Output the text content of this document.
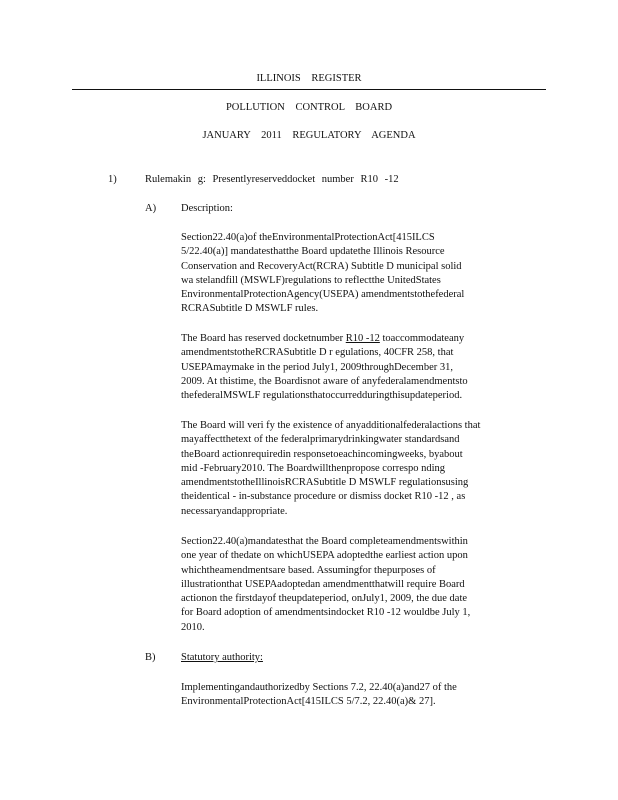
ILLINOIS REGISTER
POLLUTION CONTROL BOARD
JANUARY 2011 REGULATORY AGENDA
1)	Rulemakin g: Presentlyreserveddocket number R10 -12
A) Description:
Section22.40(a)of theEnvironmentalProtectionAct[415ILCS
5/22.40(a)] mandatesthatthe Board updatethe Illinois Resource
Conservation and RecoveryAct(RCRA) Subtitle D municipal solid
wa stelandfill (MSWLF)regulations to reflectthe UnitedStates
EnvironmentalProtectionAgency(USEPA) amendmentstothefederal
RCRASubtitle D MSWLF rules.
The Board has reserved docketnumber R10 -12 toaccommodateany
amendmentstotheRCRASubtitle D r egulations, 40CFR 258, that
USEPAmaymake in the period July1, 2009throughDecember 31,
2009. At thistime, the Boardisnot aware of anyfederalamendmentsto
thefederalMSWLF regulationsthatoccurredduringthisupdateperiod.
The Board will veri fy the existence of anyadditionalfederalactions that
mayaffectthetext of the federalprimarydrinkingwater standardsand
theBoard actionrequiredin responsetoeachincomingweeks, byabout
mid -February2010. The Boardwillthenpropose correspo nding
amendmentstotheIllinoisRCRASubtitle D MSWLF regulationsusing
theidentical - in-substance procedure or dismiss docket R10 -12 , as
necessaryandappropriate.
Section22.40(a)mandatesthat the Board completeamendmentswithin
one year of thedate on whichUSEPA adoptedthe earliest action upon
whichtheamendmentsare based. Assumingfor thepurposes of
illustrationthat USEPAadoptedan amendmentthatwill require Board
actionon the firstdayof theupdateperiod, onJuly1, 2009, the due date
for Board adoption of amendmentsindocket R10 -12 wouldbe July 1,
2010.
B) Statutory authority:
Implementingandauthorizedby Sections 7.2, 22.40(a)and27 of the
EnvironmentalProtectionAct[415ILCS 5/7.2, 22.40(a)& 27].
